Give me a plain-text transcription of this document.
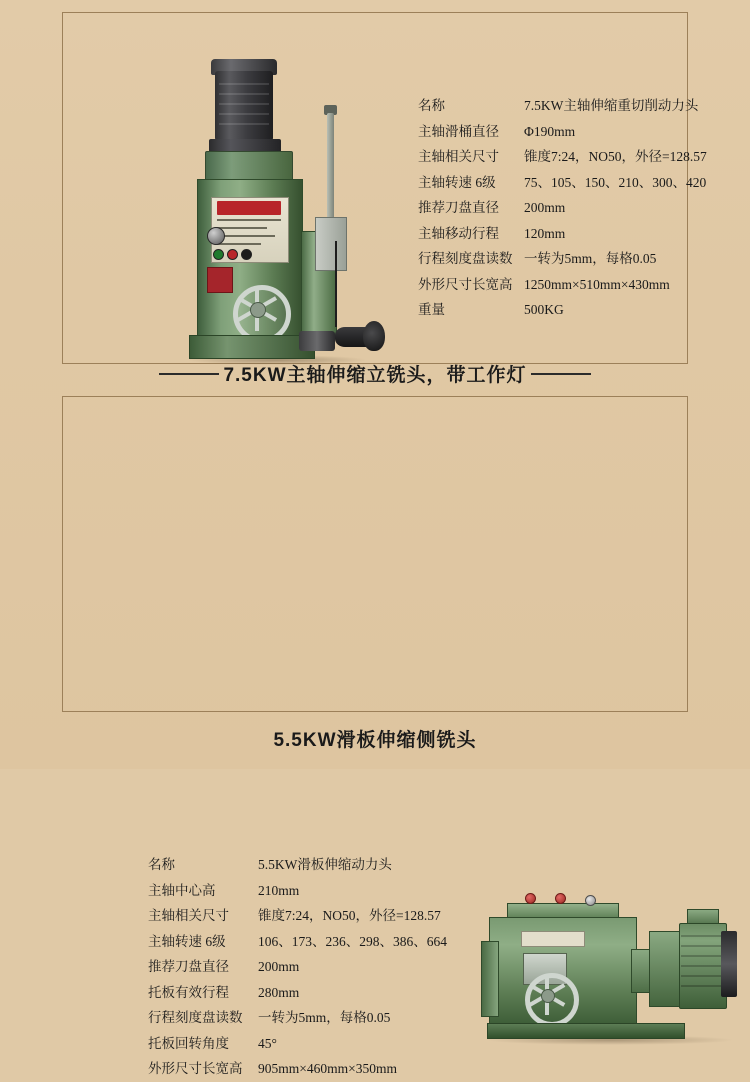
名称	7.5KW主轴伸缩重切削动力头
主轴滑桶直径 Φ190mm
主轴相关尺寸 锥度7:24，NO50，外径=128.57
主轴转速 6级 75、105、150、210、300、420
推荐刀盘直径 200mm
主轴移动行程 120mm
行程刻度盘读数 一转为5mm，每格0.05
外形尺寸长宽高 1250mm×510mm×430mm
重量	500KG
7.5KW主轴伸缩立铣头，带工作灯
名称	5.5KW滑板伸缩动力头
主轴中心高	210mm
主轴相关尺寸 锥度7:24，NO50，外径=128.57
主轴转速 6级 106、173、236、298、386、664
推荐刀盘直径 200mm
托板有效行程 280mm
行程刻度盘读数 一转为5mm，每格0.05
托板回转角度 45°
外形尺寸长宽高 905mm×460mm×350mm
5.5KW滑板伸缩侧铣头
